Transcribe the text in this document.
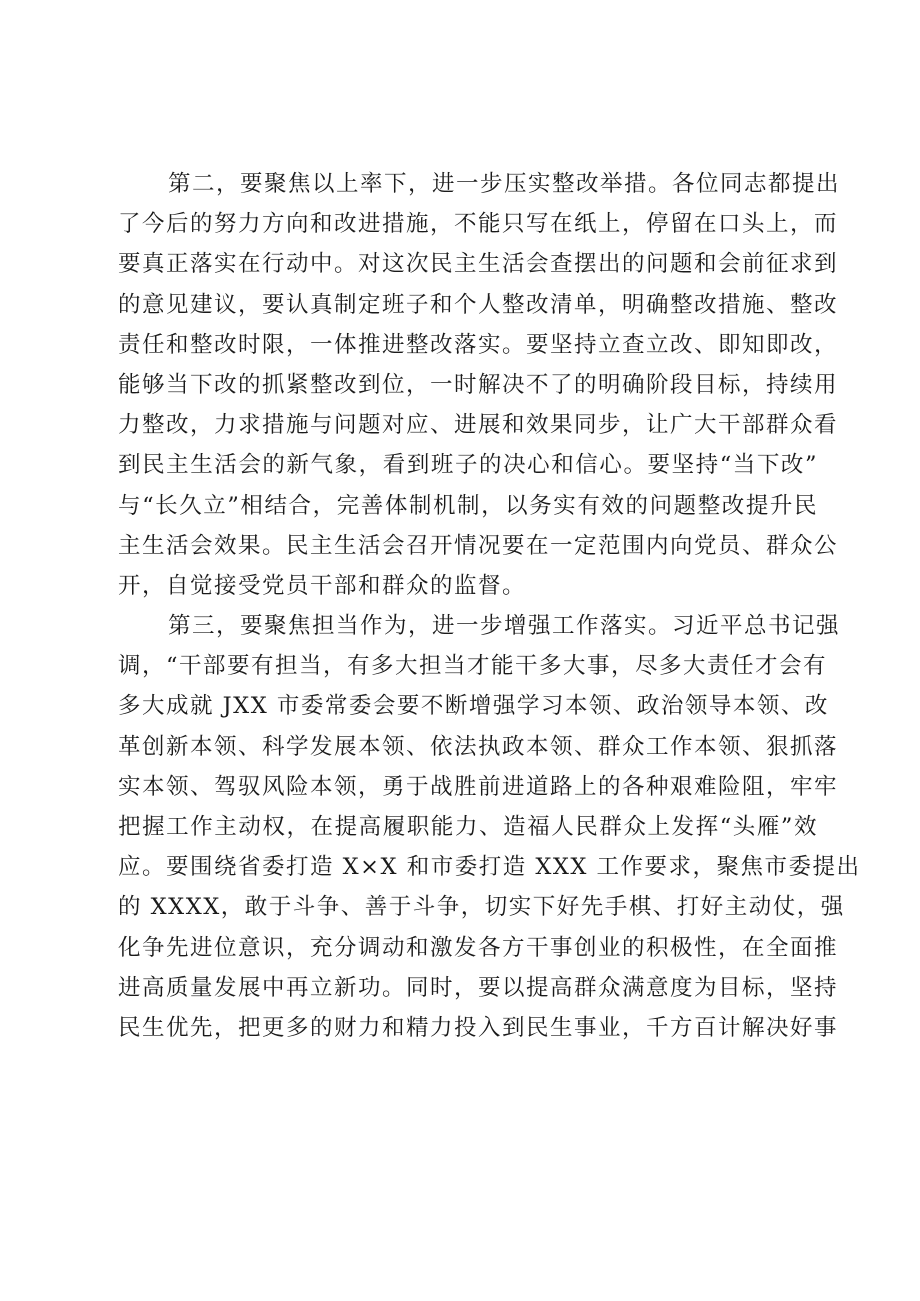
第二，要聚焦以上率下，进一步压实整改举措。各位同志都提出
了今后的努力方向和改进措施，不能只写在纸上，停留在口头上，而
要真正落实在行动中。对这次民主生活会查摆出的问题和会前征求到
的意见建议，要认真制定班子和个人整改清单，明确整改措施、整改
责任和整改时限，一体推进整改落实。要坚持立查立改、即知即改，
能够当下改的抓紧整改到位，一时解决不了的明确阶段目标，持续用
力整改，力求措施与问题对应、进展和效果同步，让广大干部群众看
到民主生活会的新气象，看到班子的决心和信心。要坚持“当下改”
与“长久立”相结合，完善体制机制，以务实有效的问题整改提升民
主生活会效果。民主生活会召开情况要在一定范围内向党员、群众公
开，自觉接受党员干部和群众的监督。
第三，要聚焦担当作为，进一步增强工作落实。习近平总书记强
调，“干部要有担当，有多大担当才能干多大事，尽多大责任才会有
多大成就 JXX 市委常委会要不断增强学习本领、政治领导本领、改
革创新本领、科学发展本领、依法执政本领、群众工作本领、狠抓落
实本领、驾驭风险本领，勇于战胜前进道路上的各种艰难险阻，牢牢
把握工作主动权，在提高履职能力、造福人民群众上发挥“头雁”效
应。要围绕省委打造 X×X 和市委打造 XXX 工作要求，聚焦市委提出
的 XXXX，敢于斗争、善于斗争，切实下好先手棋、打好主动仗，强
化争先进位意识，充分调动和激发各方干事创业的积极性，在全面推
进高质量发展中再立新功。同时，要以提高群众满意度为目标，坚持
民生优先，把更多的财力和精力投入到民生事业，千方百计解决好事
